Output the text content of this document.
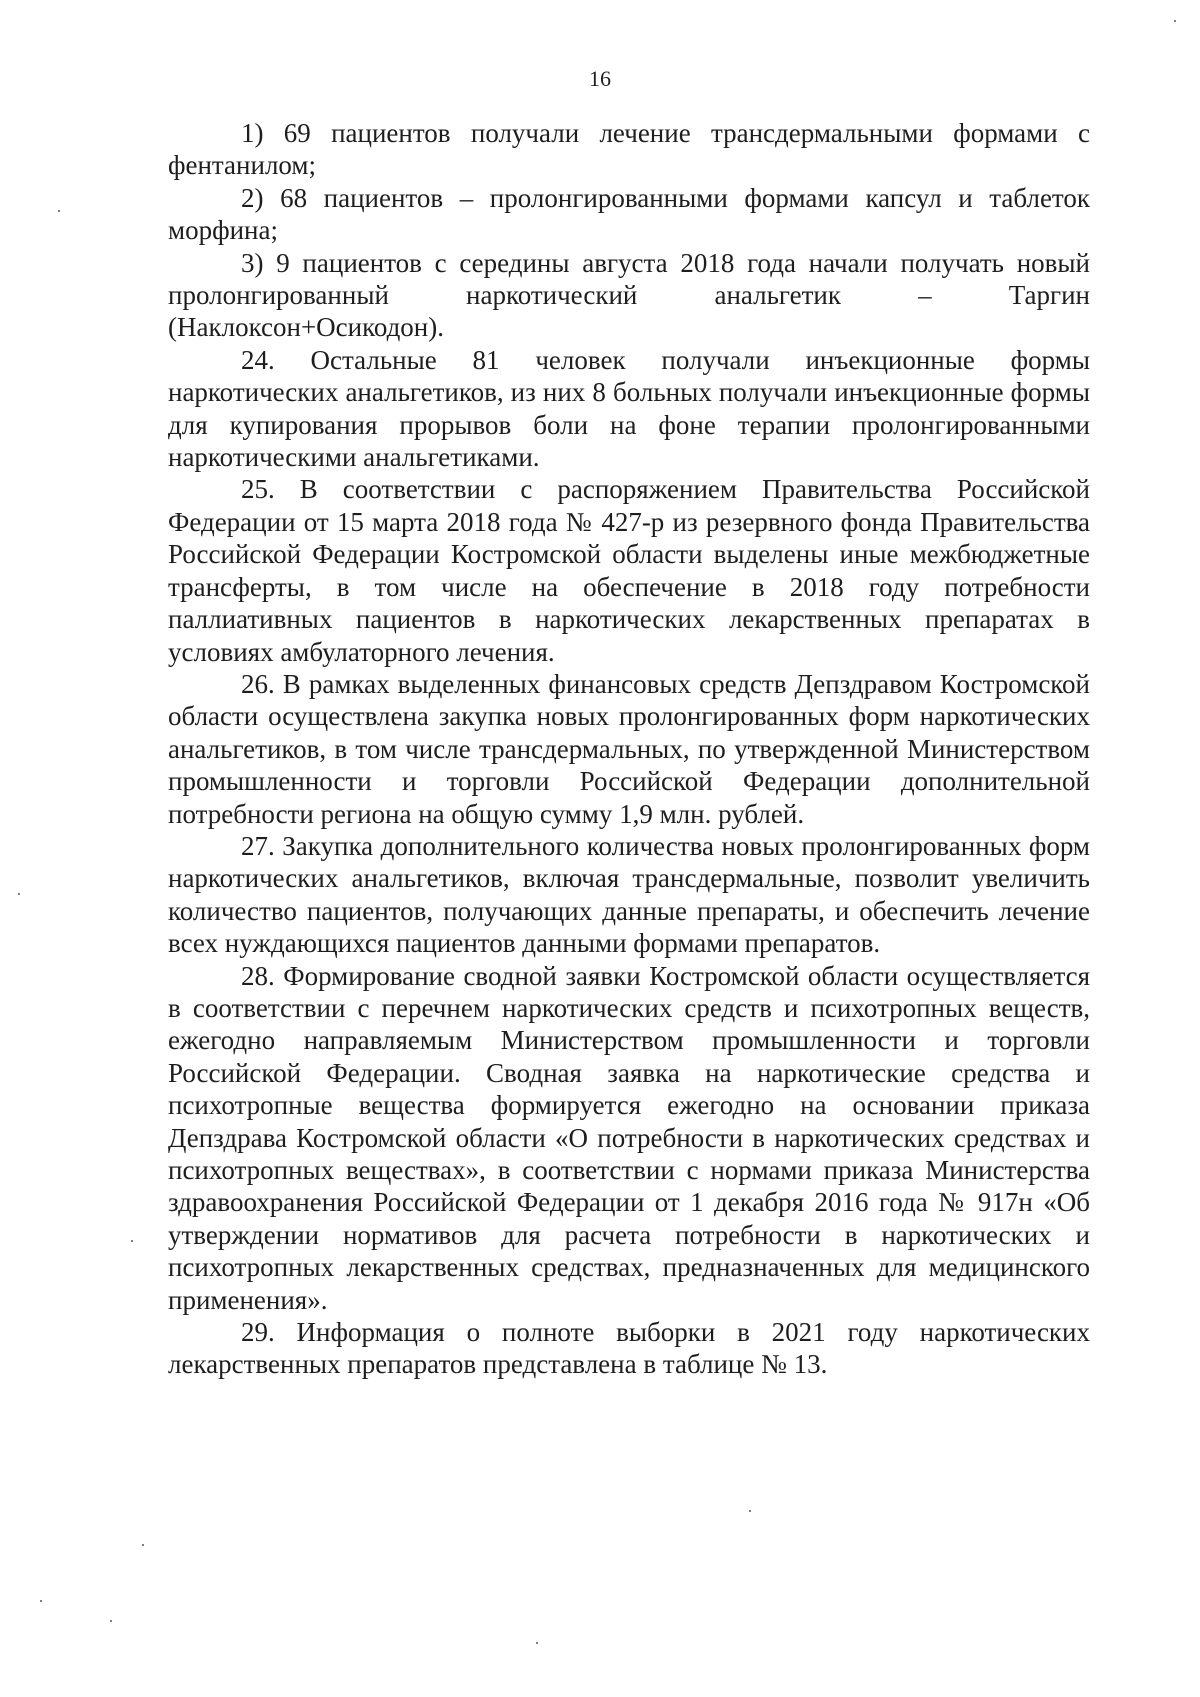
16

1) 69 пациентов получали лечение трансдермальными формами с фентанилом;

2) 68 пациентов – пролонгированными формами капсул и таблеток морфина;

3) 9 пациентов с середины августа 2018 года начали получать новый пролонгированный наркотический анальгетик – Таргин (Наклоксон+Осикодон).

24. Остальные 81 человек получали инъекционные формы наркотических анальгетиков, из них 8 больных получали инъекционные формы для купирования прорывов боли на фоне терапии пролонгированными наркотическими анальгетиками.

25. В соответствии с распоряжением Правительства Российской Федерации от 15 марта 2018 года № 427-р из резервного фонда Правительства Российской Федерации Костромской области выделены иные межбюджетные трансферты, в том числе на обеспечение в 2018 году потребности паллиативных пациентов в наркотических лекарственных препаратах в условиях амбулаторного лечения.

26. В рамках выделенных финансовых средств Депздравом Костромской области осуществлена закупка новых пролонгированных форм наркотических анальгетиков, в том числе трансдермальных, по утвержденной Министерством промышленности и торговли Российской Федерации дополнительной потребности региона на общую сумму 1,9 млн. рублей.

27. Закупка дополнительного количества новых пролонгированных форм наркотических анальгетиков, включая трансдермальные, позволит увеличить количество пациентов, получающих данные препараты, и обеспечить лечение всех нуждающихся пациентов данными формами препаратов.

28. Формирование сводной заявки Костромской области осуществляется в соответствии с перечнем наркотических средств и психотропных веществ, ежегодно направляемым Министерством промышленности и торговли Российской Федерации. Сводная заявка на наркотические средства и психотропные вещества формируется ежегодно на основании приказа Депздрава Костромской области «О потребности в наркотических средствах и психотропных веществах», в соответствии с нормами приказа Министерства здравоохранения Российской Федерации от 1 декабря 2016 года № 917н «Об утверждении нормативов для расчета потребности в наркотических и психотропных лекарственных средствах, предназначенных для медицинского применения».

29. Информация о полноте выборки в 2021 году наркотических лекарственных препаратов представлена в таблице № 13.
